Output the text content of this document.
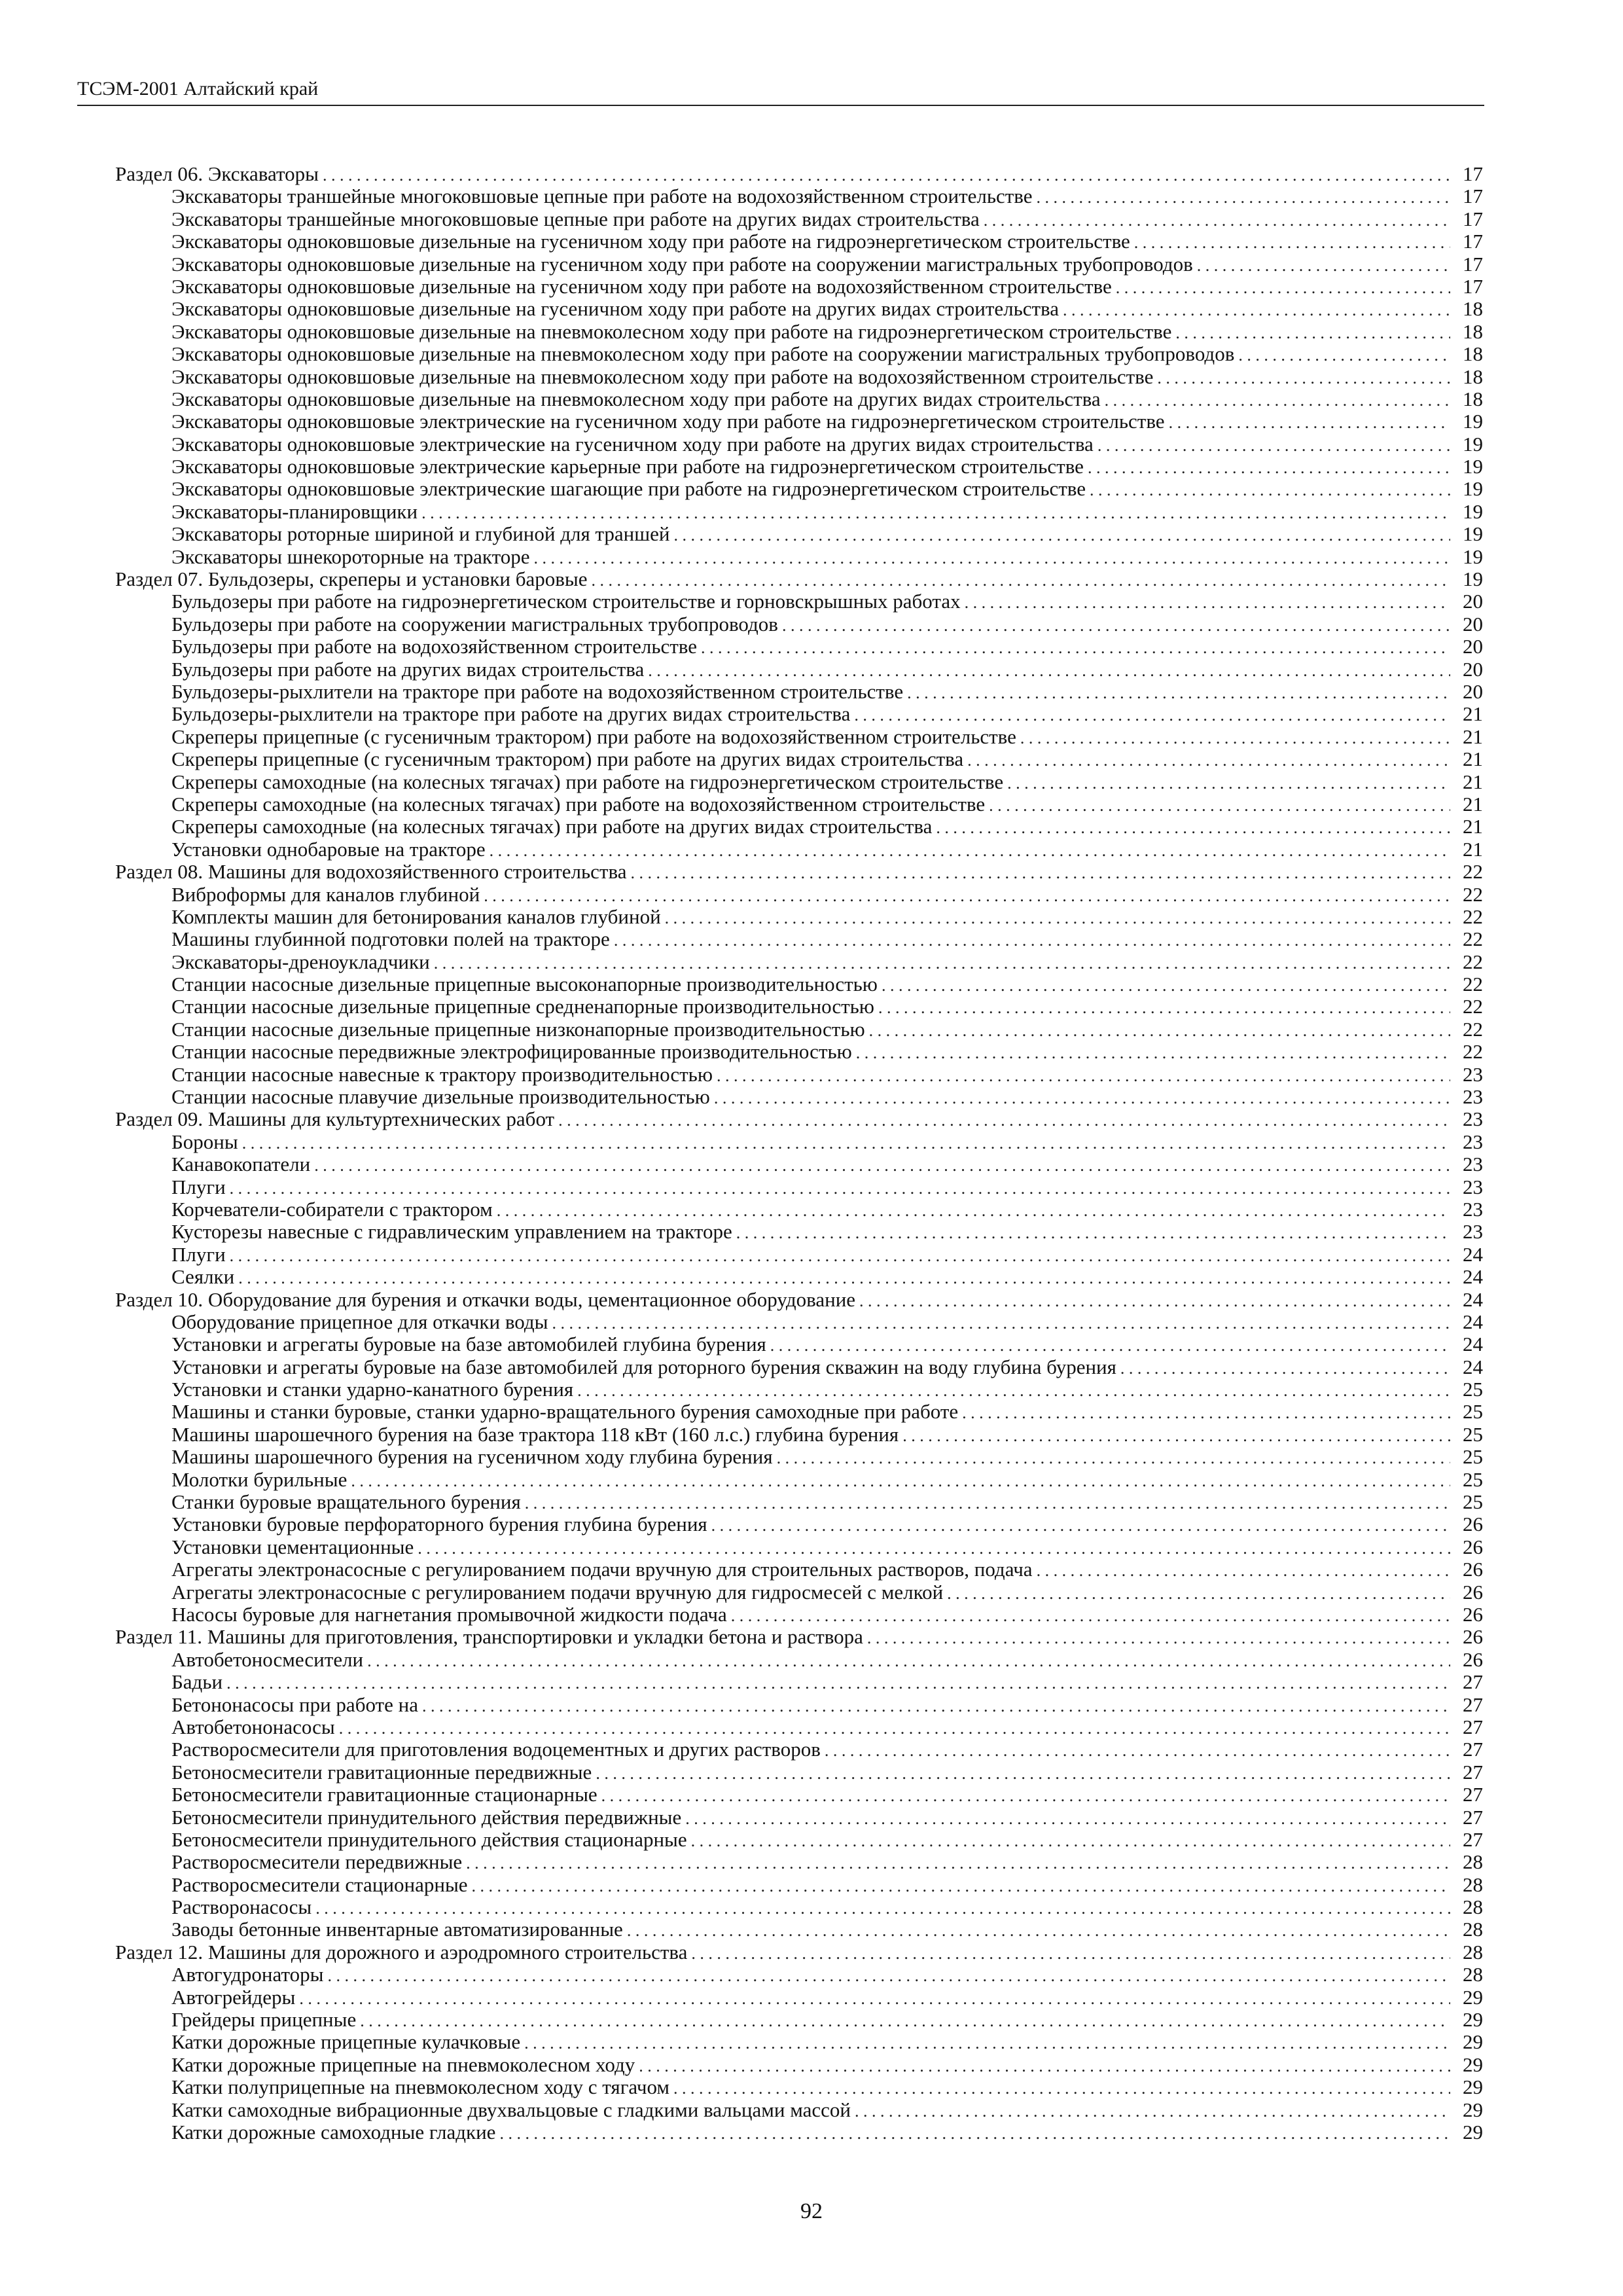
ТСЭМ-2001 Алтайский край
Раздел 06. Экскаваторы . . .	17
Экскаваторы траншейные многоковшовые цепные при работе на водохозяйственном строительстве . . .	17
Экскаваторы траншейные многоковшовые цепные при работе на других видах строительства . . .	17
Экскаваторы одноковшовые дизельные на гусеничном ходу при работе на гидроэнергетическом строительстве . . .	17
Экскаваторы одноковшовые дизельные на гусеничном ходу при работе на сооружении магистральных трубопроводов . . .	17
Экскаваторы одноковшовые дизельные на гусеничном ходу при работе на водохозяйственном строительстве . . .	17
Экскаваторы одноковшовые дизельные на гусеничном ходу при работе на других видах строительства . . .	18
Экскаваторы одноковшовые дизельные на пневмоколесном ходу при работе на гидроэнергетическом строительстве . . .	18
Экскаваторы одноковшовые дизельные на пневмоколесном ходу при работе на сооружении магистральных трубопроводов . . .	18
Экскаваторы одноковшовые дизельные на пневмоколесном ходу при работе на водохозяйственном строительстве . . .	18
Экскаваторы одноковшовые дизельные на пневмоколесном ходу при работе на других видах строительства . . .	18
Экскаваторы одноковшовые электрические на гусеничном ходу при работе на гидроэнергетическом строительстве . . .	19
Экскаваторы одноковшовые электрические на гусеничном ходу при работе на других видах строительства . . .	19
Экскаваторы одноковшовые электрические карьерные при работе на гидроэнергетическом строительстве . . .	19
Экскаваторы одноковшовые электрические шагающие при работе на гидроэнергетическом строительстве . . .	19
Экскаваторы-планировщики . . .	19
Экскаваторы роторные шириной и глубиной для траншей . . .	19
Экскаваторы шнекороторные на тракторе . . .	19
Раздел 07. Бульдозеры, скреперы и установки баровые . . .	19
Бульдозеры при работе на гидроэнергетическом строительстве и горновскрышных работах . . .	20
Бульдозеры при работе на сооружении магистральных трубопроводов . . .	20
Бульдозеры при работе на водохозяйственном строительстве . . .	20
Бульдозеры при работе на других видах строительства . . .	20
Бульдозеры-рыхлители на тракторе при работе на водохозяйственном строительстве . . .	20
Бульдозеры-рыхлители на тракторе при работе на других видах строительства . . .	21
Скреперы прицепные (с гусеничным трактором) при работе на водохозяйственном строительстве . . .	21
Скреперы прицепные (с гусеничным трактором) при работе на других видах строительства . . .	21
Скреперы самоходные (на колесных тягачах) при работе на гидроэнергетическом строительстве . . .	21
Скреперы самоходные (на колесных тягачах) при работе на водохозяйственном строительстве . . .	21
Скреперы самоходные (на колесных тягачах) при работе на других видах строительства . . .	21
Установки однобаровые на тракторе . . .	21
Раздел 08. Машины для водохозяйственного строительства . . .	22
Виброформы для каналов глубиной . . .	22
Комплекты машин для бетонирования каналов глубиной . . .	22
Машины глубинной подготовки полей на тракторе . . .	22
Экскаваторы-дреноукладчики . . .	22
Станции насосные дизельные прицепные высоконапорные производительностью . . .	22
Станции насосные дизельные прицепные средненапорные производительностью . . .	22
Станции насосные дизельные прицепные низконапорные производительностью . . .	22
Станции насосные передвижные электрофицированные производительностью . . .	22
Станции насосные навесные к трактору производительностью . . .	23
Станции насосные плавучие дизельные производительностью . . .	23
Раздел 09. Машины для культуртехнических работ . . .	23
Бороны . . .	23
Канавокопатели . . .	23
Плуги . . .	23
Корчеватели-собиратели с трактором . . .	23
Кусторезы навесные с гидравлическим управлением на тракторе . . .	23
Плуги . . .	24
Сеялки . . .	24
Раздел 10. Оборудование для бурения и откачки воды, цементационное оборудование . . .	24
Оборудование прицепное для откачки воды . . .	24
Установки и агрегаты буровые на базе автомобилей глубина бурения . . .	24
Установки и агрегаты буровые на базе автомобилей для роторного бурения скважин на воду глубина бурения . . .	24
Установки и станки ударно-канатного бурения . . .	25
Машины и станки буровые, станки ударно-вращательного бурения самоходные при работе . . .	25
Машины шарошечного бурения на базе трактора 118 кВт (160 л.с.) глубина бурения . . .	25
Машины шарошечного бурения на гусеничном ходу глубина бурения . . .	25
Молотки бурильные . . .	25
Станки буровые вращательного бурения . . .	25
Установки буровые перфораторного бурения глубина бурения . . .	26
Установки цементационные . . .	26
Агрегаты электронасосные с регулированием подачи вручную для строительных растворов, подача . . .	26
Агрегаты электронасосные с регулированием подачи вручную для гидросмесей с мелкой . . .	26
Насосы буровые для нагнетания промывочной жидкости подача . . .	26
Раздел 11. Машины для приготовления, транспортировки и укладки бетона и раствора . . .	26
Автобетоносмесители . . .	26
Бадьи . . .	27
Бетононасосы при работе на . . .	27
Автобетононасосы . . .	27
Растворосмесители для приготовления водоцементных и других растворов . . .	27
Бетоносмесители гравитационные передвижные . . .	27
Бетоносмесители гравитационные стационарные . . .	27
Бетоносмесители принудительного действия передвижные . . .	27
Бетоносмесители принудительного действия стационарные . . .	27
Растворосмесители передвижные . . .	28
Растворосмесители стационарные . . .	28
Растворонасосы . . .	28
Заводы бетонные инвентарные автоматизированные . . .	28
Раздел 12. Машины для дорожного и аэродромного строительства . . .	28
Автогудронаторы . . .	28
Автогрейдеры . . .	29
Грейдеры прицепные . . .	29
Катки дорожные прицепные кулачковые . . .	29
Катки дорожные прицепные на пневмоколесном ходу . . .	29
Катки полуприцепные на пневмоколесном ходу с тягачом . . .	29
Катки самоходные вибрационные двухвальцовые с гладкими вальцами массой . . .	29
Катки дорожные самоходные гладкие . . .	29
92
